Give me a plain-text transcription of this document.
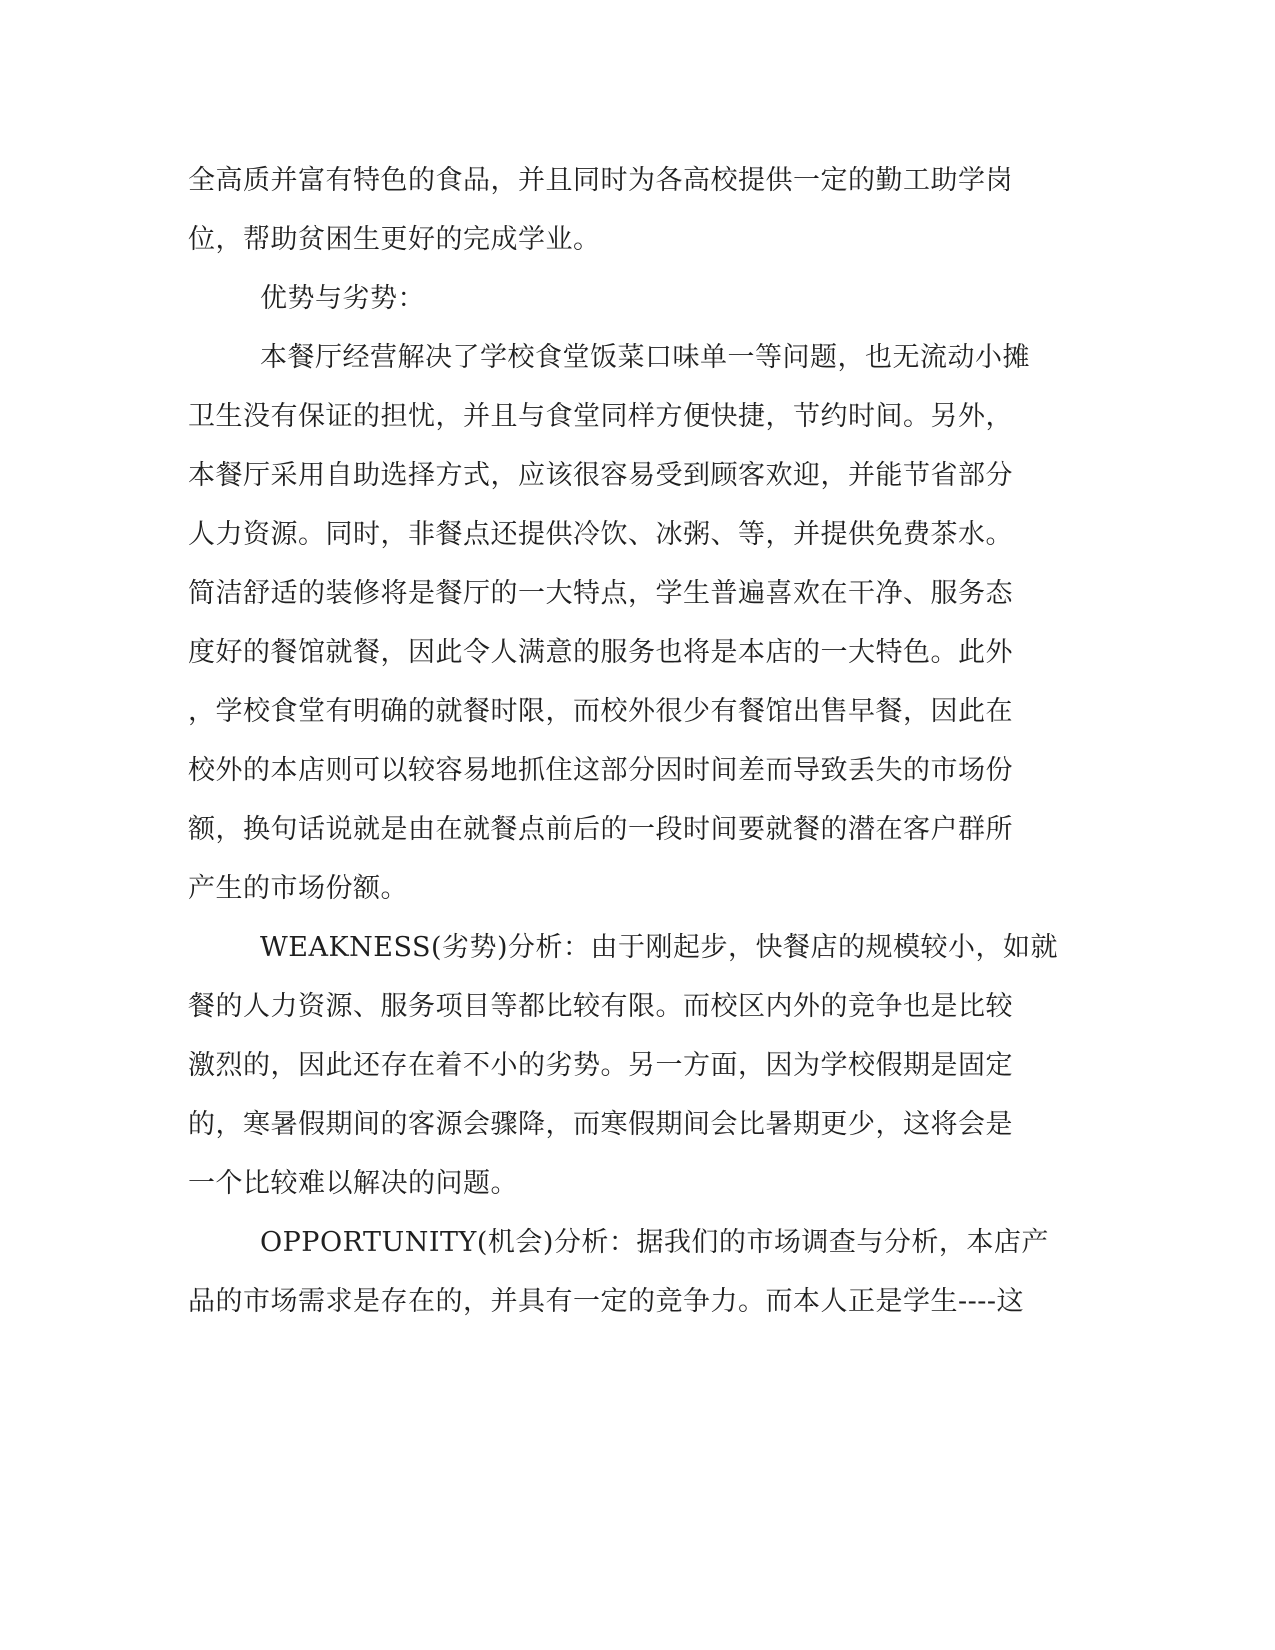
全高质并富有特色的食品，并且同时为各高校提供一定的勤工助学岗
位，帮助贫困生更好的完成学业。
优势与劣势：
本餐厅经营解决了学校食堂饭菜口味单一等问题，也无流动小摊
卫生没有保证的担忧，并且与食堂同样方便快捷，节约时间。另外，
本餐厅采用自助选择方式，应该很容易受到顾客欢迎，并能节省部分
人力资源。同时，非餐点还提供冷饮、冰粥、等，并提供免费茶水。
简洁舒适的装修将是餐厅的一大特点，学生普遍喜欢在干净、服务态
度好的餐馆就餐，因此令人满意的服务也将是本店的一大特色。此外
，学校食堂有明确的就餐时限，而校外很少有餐馆出售早餐，因此在
校外的本店则可以较容易地抓住这部分因时间差而导致丢失的市场份
额，换句话说就是由在就餐点前后的一段时间要就餐的潜在客户群所
产生的市场份额。
WEAKNESS(劣势)分析：由于刚起步，快餐店的规模较小，如就
餐的人力资源、服务项目等都比较有限。而校区内外的竞争也是比较
激烈的，因此还存在着不小的劣势。另一方面，因为学校假期是固定
的，寒暑假期间的客源会骤降，而寒假期间会比暑期更少，这将会是
一个比较难以解决的问题。
OPPORTUNITY(机会)分析：据我们的市场调查与分析，本店产
品的市场需求是存在的，并具有一定的竞争力。而本人正是学生----这
